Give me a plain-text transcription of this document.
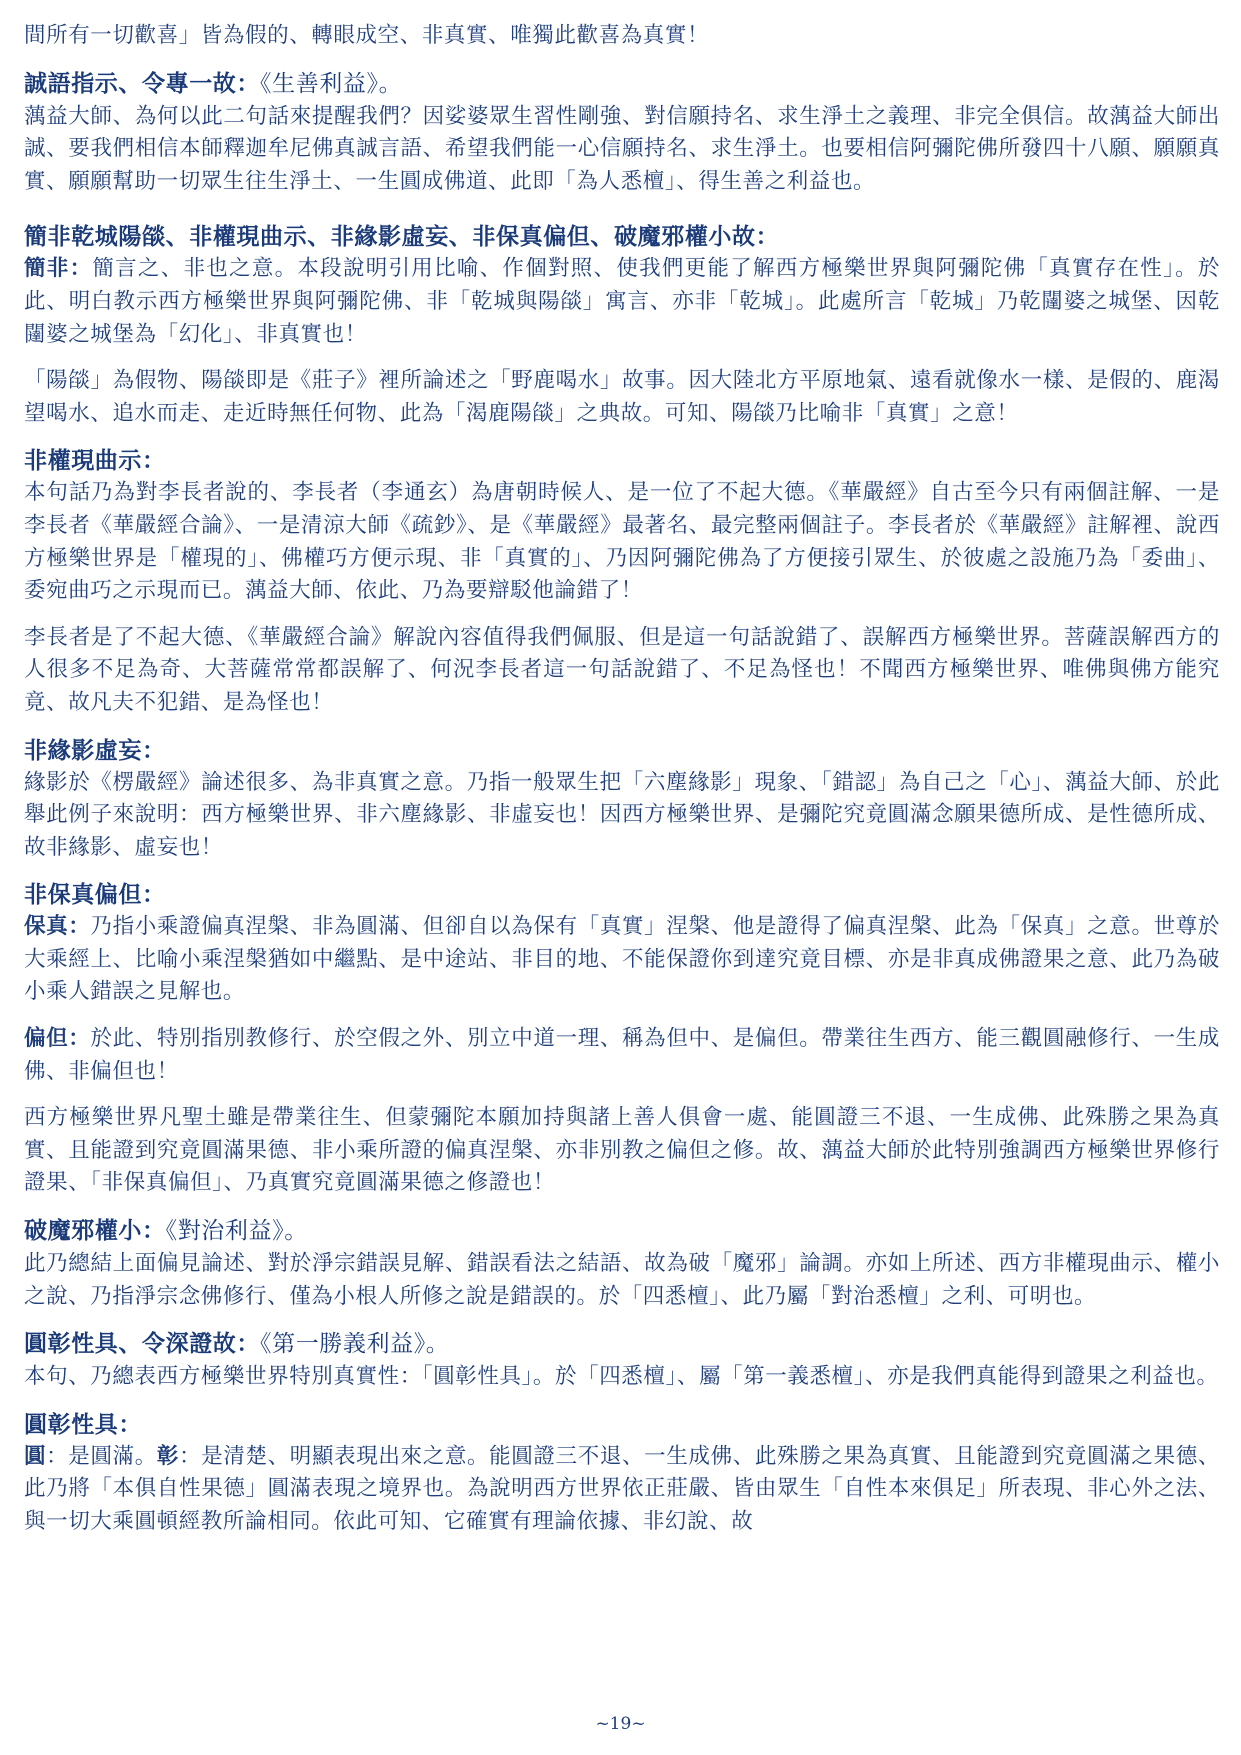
間所有一切歡喜」皆為假的、轉眼成空、非真實、唯獨此歡喜為真實！

誠語指示、令專一故：《生善利益》。

蕅益大師、為何以此二句話來提醒我們？因娑婆眾生習性剛強、對信願持名、求生淨土之義理、非完全俱信。故蕅益大師出誠、要我們相信本師釋迦牟尼佛真誠言語、希望我們能一心信願持名、求生淨土。也要相信阿彌陀佛所發四十八願、願願真實、願願幫助一切眾生往生淨土、一生圓成佛道、此即「為人悉檀」、得生善之利益也。

簡非乾城陽燄、非權現曲示、非緣影虛妄、非保真偏但、破魔邪權小故：

簡非：簡言之、非也之意。本段說明引用比喻、作個對照、使我們更能了解西方極樂世界與阿彌陀佛「真實存在性」。於此、明白教示西方極樂世界與阿彌陀佛、非「乾城與陽燄」寓言、亦非「乾城」。此處所言「乾城」乃乾闥婆之城堡、因乾闥婆之城堡為「幻化」、非真實也！

「陽燄」為假物、陽燄即是《莊子》裡所論述之「野鹿喝水」故事。因大陸北方平原地氣、遠看就像水一樣、是假的、鹿渴望喝水、追水而走、走近時無任何物、此為「渴鹿陽燄」之典故。可知、陽燄乃比喻非「真實」之意！

非權現曲示：

本句話乃為對李長者說的、李長者（李通玄）為唐朝時候人、是一位了不起大德。《華嚴經》自古至今只有兩個註解、一是李長者《華嚴經合論》、一是清涼大師《疏鈔》、是《華嚴經》最著名、最完整兩個註子。李長者於《華嚴經》註解裡、說西方極樂世界是「權現的」、佛權巧方便示現、非「真實的」、乃因阿彌陀佛為了方便接引眾生、於彼處之設施乃為「委曲」、委宛曲巧之示現而已。蕅益大師、依此、乃為要辯駁他論錯了！

李長者是了不起大德、《華嚴經合論》解說內容值得我們佩服、但是這一句話說錯了、誤解西方極樂世界。菩薩誤解西方的人很多不足為奇、大菩薩常常都誤解了、何況李長者這一句話說錯了、不足為怪也！不聞西方極樂世界、唯佛與佛方能究竟、故凡夫不犯錯、是為怪也！

非緣影虛妄：

緣影於《楞嚴經》論述很多、為非真實之意。乃指一般眾生把「六塵緣影」現象、「錯認」為自己之「心」、蕅益大師、於此舉此例子來說明：西方極樂世界、非六塵緣影、非虛妄也！因西方極樂世界、是彌陀究竟圓滿念願果德所成、是性德所成、故非緣影、虛妄也！

非保真偏但：

保真：乃指小乘證偏真涅槃、非為圓滿、但卻自以為保有「真實」涅槃、他是證得了偏真涅槃、此為「保真」之意。世尊於大乘經上、比喻小乘涅槃猶如中繼點、是中途站、非目的地、不能保證你到達究竟目標、亦是非真成佛證果之意、此乃為破小乘人錯誤之見解也。

偏但：於此、特別指別教修行、於空假之外、別立中道一理、稱為但中、是偏但。帶業往生西方、能三觀圓融修行、一生成佛、非偏但也！

西方極樂世界凡聖土雖是帶業往生、但蒙彌陀本願加持與諸上善人俱會一處、能圓證三不退、一生成佛、此殊勝之果為真實、且能證到究竟圓滿果德、非小乘所證的偏真涅槃、亦非別教之偏但之修。故、蕅益大師於此特別強調西方極樂世界修行證果、「非保真偏但」、乃真實究竟圓滿果德之修證也！

破魔邪權小：《對治利益》。

此乃總結上面偏見論述、對於淨宗錯誤見解、錯誤看法之結語、故為破「魔邪」論調。亦如上所述、西方非權現曲示、權小之說、乃指淨宗念佛修行、僅為小根人所修之說是錯誤的。於「四悉檀」、此乃屬「對治悉檀」之利、可明也。

圓彰性具、令深證故：《第一勝義利益》。

本句、乃總表西方極樂世界特別真實性：「圓彰性具」。於「四悉檀」、屬「第一義悉檀」、亦是我們真能得到證果之利益也。

圓彰性具：

圓：是圓滿。彰：是清楚、明顯表現出來之意。能圓證三不退、一生成佛、此殊勝之果為真實、且能證到究竟圓滿之果德、此乃將「本俱自性果德」圓滿表現之境界也。為說明西方世界依正莊嚴、皆由眾生「自性本來俱足」所表現、非心外之法、與一切大乘圓頓經教所論相同。依此可知、它確實有理論依據、非幻說、故

~19~
